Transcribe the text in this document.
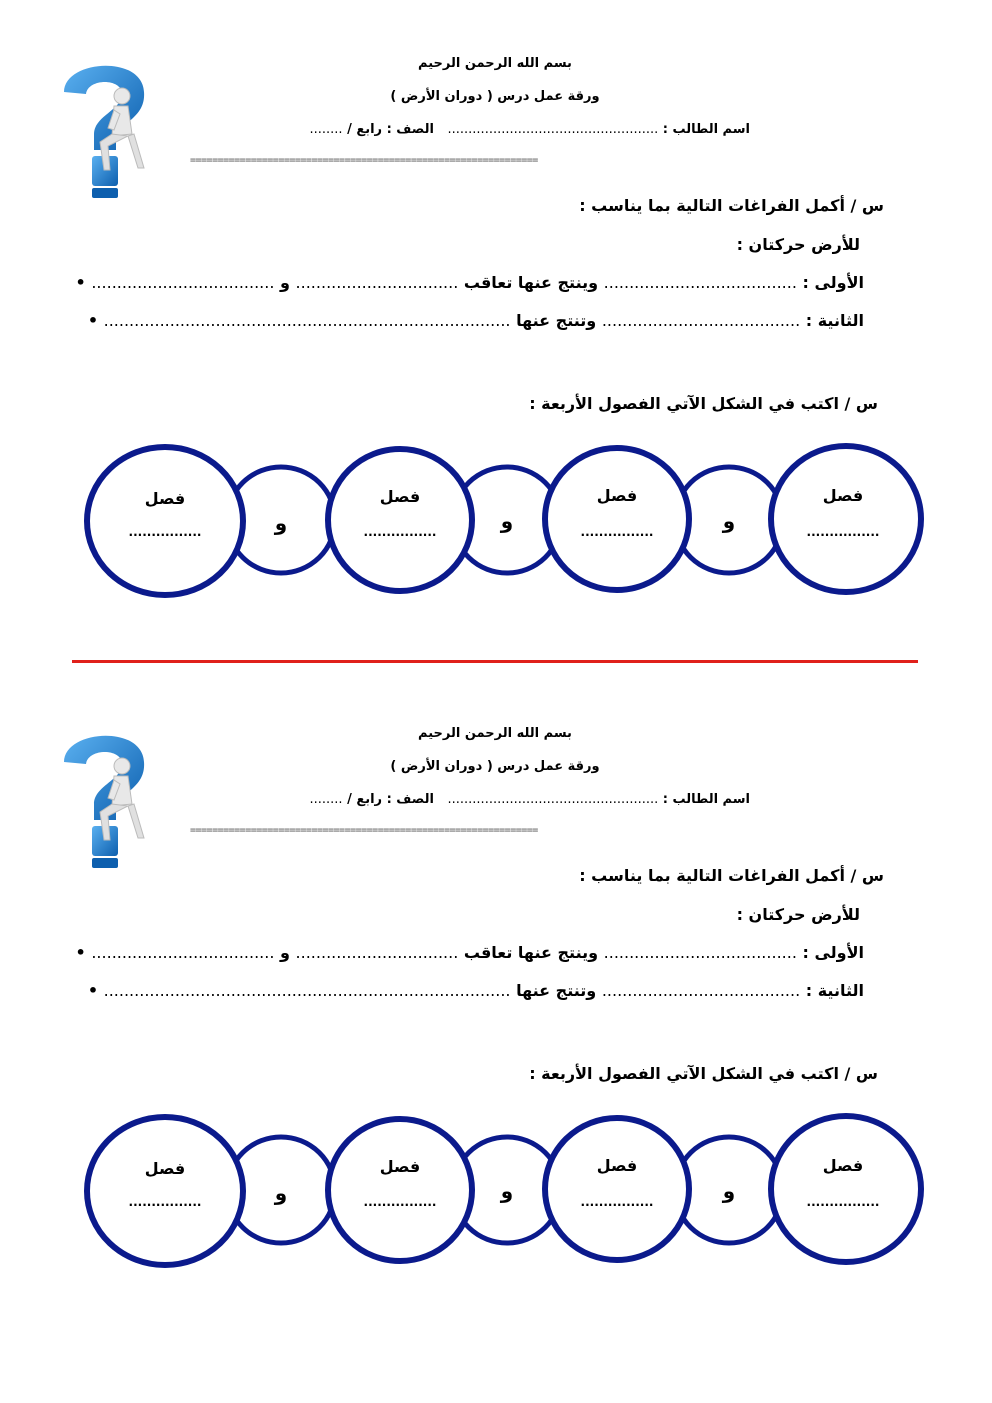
بسم الله الرحمن الرحيم
ورقة عمل درس ( دوران الأرض )
اسم الطالب : ...................................................   الصف : رابع / ........
===============================================================
س / أكمل الفراغات التالية بما يناسب :
للأرض حركتان :
الأولى : ...................................... وينتج عنها تعاقب ................................ و .................................... •
الثانية : ....................................... وتنتج عنها ................................................................................ •
س / اكتب في الشكل الآتي الفصول الأربعة :
فصل	فصل	فصل	فصل
................	................	................	................
و	و	و
بسم الله الرحمن الرحيم
ورقة عمل درس ( دوران الأرض )
اسم الطالب : ...................................................   الصف : رابع / ........
===============================================================
س / أكمل الفراغات التالية بما يناسب :
للأرض حركتان :
الأولى : ...................................... وينتج عنها تعاقب ................................ و .................................... •
الثانية : ....................................... وتنتج عنها ................................................................................ •
س / اكتب في الشكل الآتي الفصول الأربعة :
فصل	فصل	فصل	فصل
................	................	................	................
و	و	و
